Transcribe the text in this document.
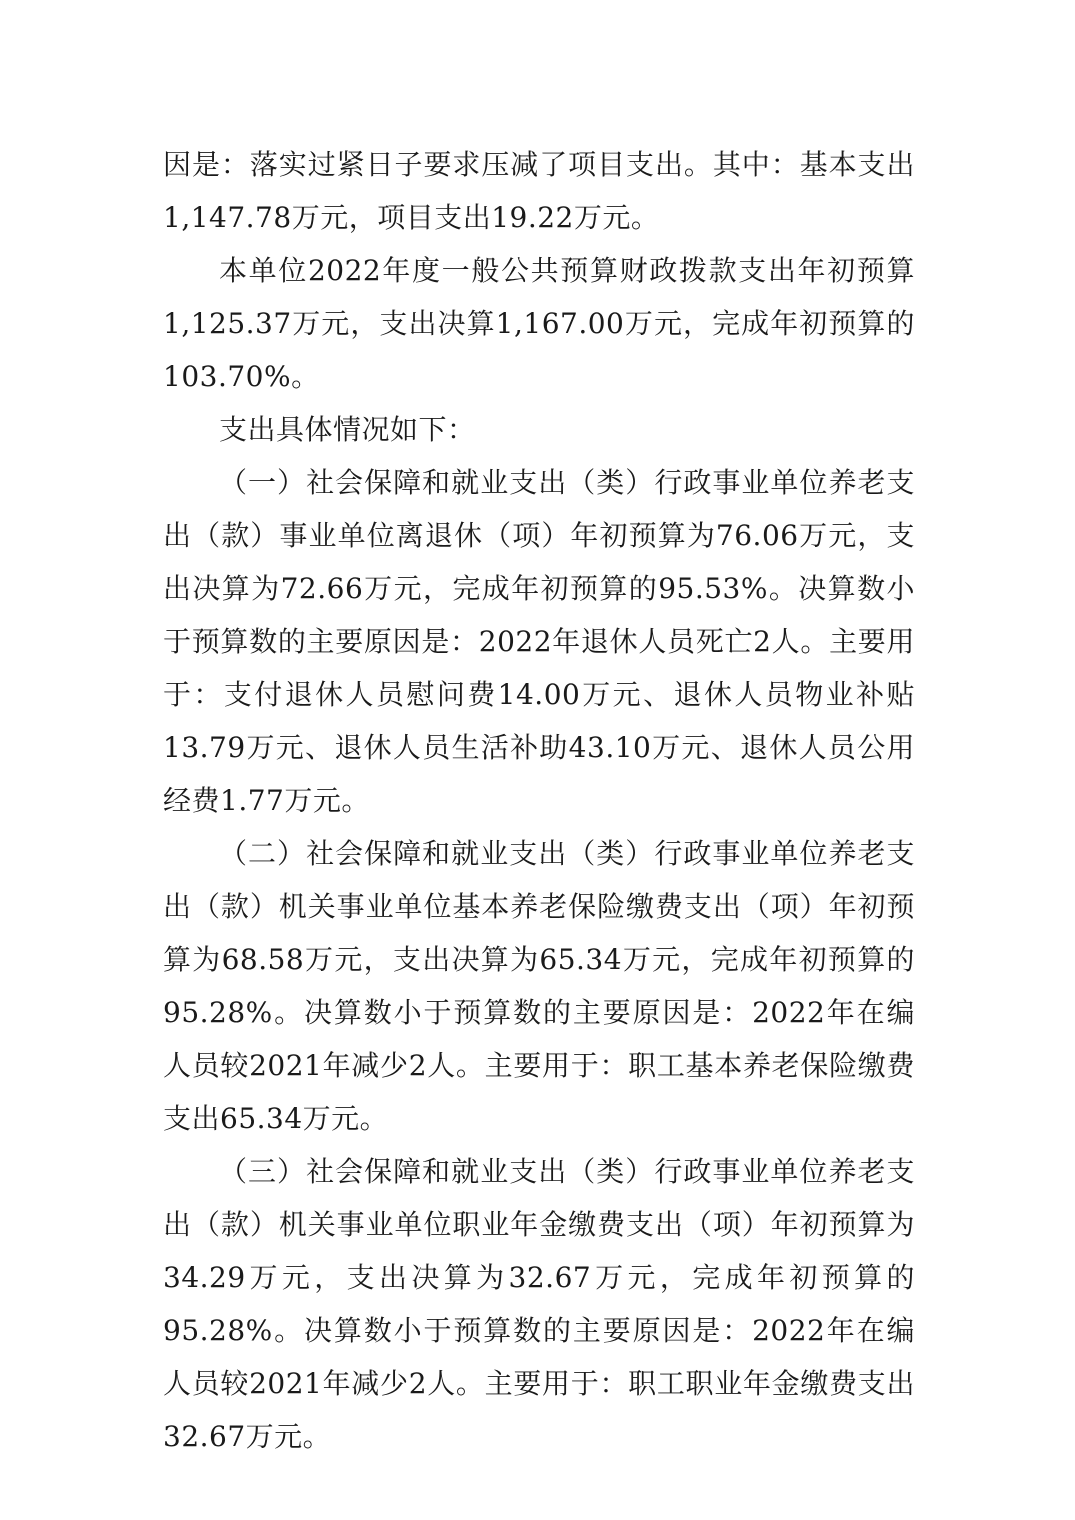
因是：落实过紧日子要求压减了项目支出。其中：基本支出1,147.78万元，项目支出19.22万元。

本单位2022年度一般公共预算财政拨款支出年初预算1,125.37万元，支出决算1,167.00万元，完成年初预算的103.70%。

支出具体情况如下：

（一）社会保障和就业支出（类）行政事业单位养老支出（款）事业单位离退休（项）年初预算为76.06万元，支出决算为72.66万元，完成年初预算的95.53%。决算数小于预算数的主要原因是：2022年退休人员死亡2人。主要用于：支付退休人员慰问费14.00万元、退休人员物业补贴13.79万元、退休人员生活补助43.10万元、退休人员公用经费1.77万元。

（二）社会保障和就业支出（类）行政事业单位养老支出（款）机关事业单位基本养老保险缴费支出（项）年初预算为68.58万元，支出决算为65.34万元，完成年初预算的95.28%。决算数小于预算数的主要原因是：2022年在编人员较2021年减少2人。主要用于：职工基本养老保险缴费支出65.34万元。

（三）社会保障和就业支出（类）行政事业单位养老支出（款）机关事业单位职业年金缴费支出（项）年初预算为34.29万元，支出决算为32.67万元，完成年初预算的95.28%。决算数小于预算数的主要原因是：2022年在编人员较2021年减少2人。主要用于：职工职业年金缴费支出32.67万元。
